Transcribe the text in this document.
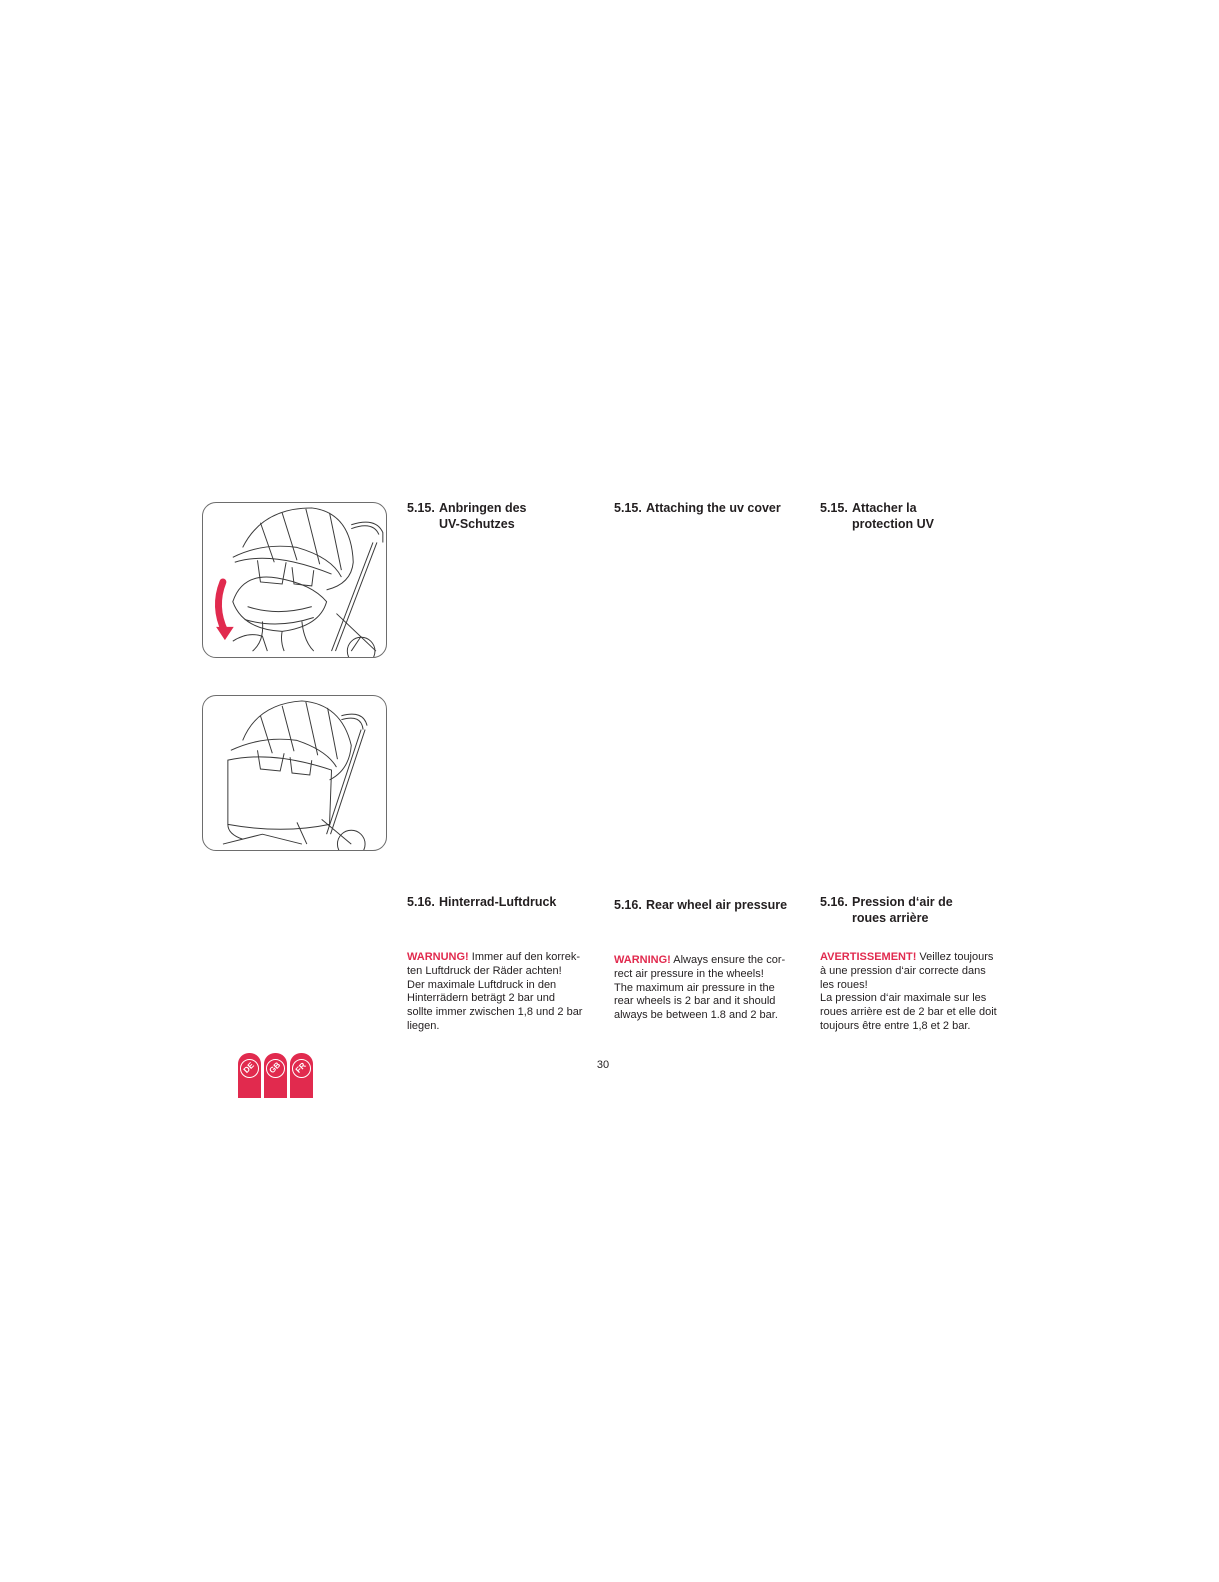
5.15. Anbringen des
UV-Schutzes
5.15. Attaching the uv cover	5.15. Attacher la
protection UV
5.16. Hinterrad-Luftdruck	5.16. Rear wheel air pressure	5.16. Pression d‘air de
roues arrière
WARNUNG! Immer auf den korrek-
ten Luftdruck der Räder achten!
Der maximale Luftdruck in den
Hinterrädern beträgt 2 bar und
sollte immer zwischen 1,8 und 2 bar
liegen.
WARNING! Always ensure the cor-
rect air pressure in the wheels!
The maximum air pressure in the
rear wheels is 2 bar and it should
always be between 1.8 and 2 bar.
AVERTISSEMENT! Veillez toujours
à une pression d‘air correcte dans
les roues!
La pression d‘air maximale sur les
roues arrière est de 2 bar et elle doit
toujours être entre 1,8 et 2 bar.
DE	GB	FR	30
